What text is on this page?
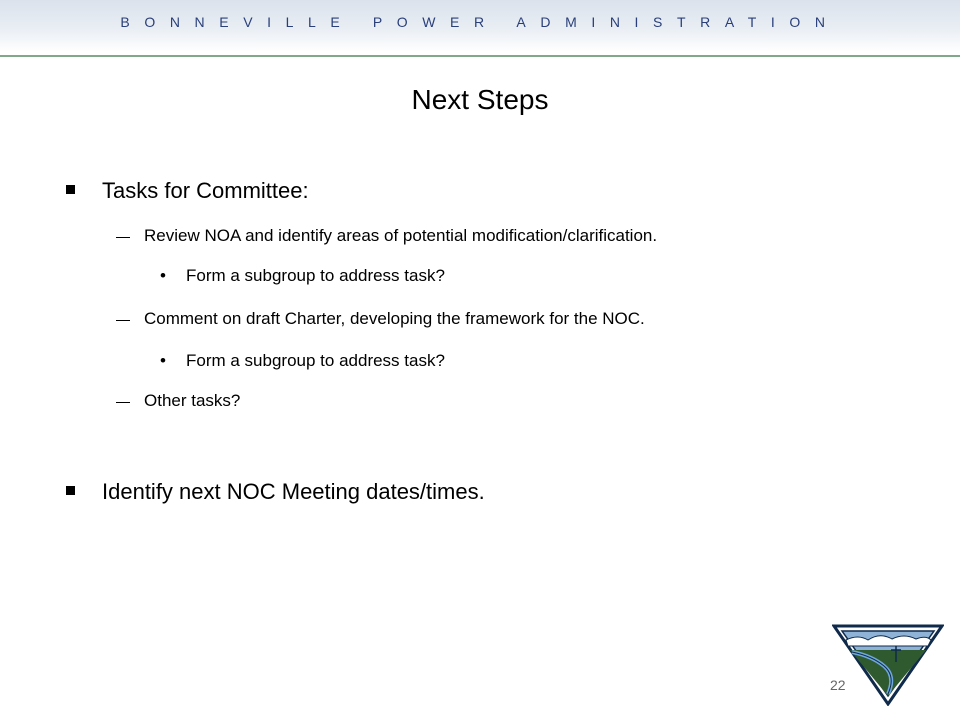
BONNEVILLE POWER ADMINISTRATION
Next Steps
Tasks for Committee:
Review NOA and identify areas of potential modification/clarification.
• Form a subgroup to address task?
Comment on draft Charter, developing the framework for the NOC.
• Form a subgroup to address task?
Other tasks?
Identify next NOC Meeting dates/times.
22
